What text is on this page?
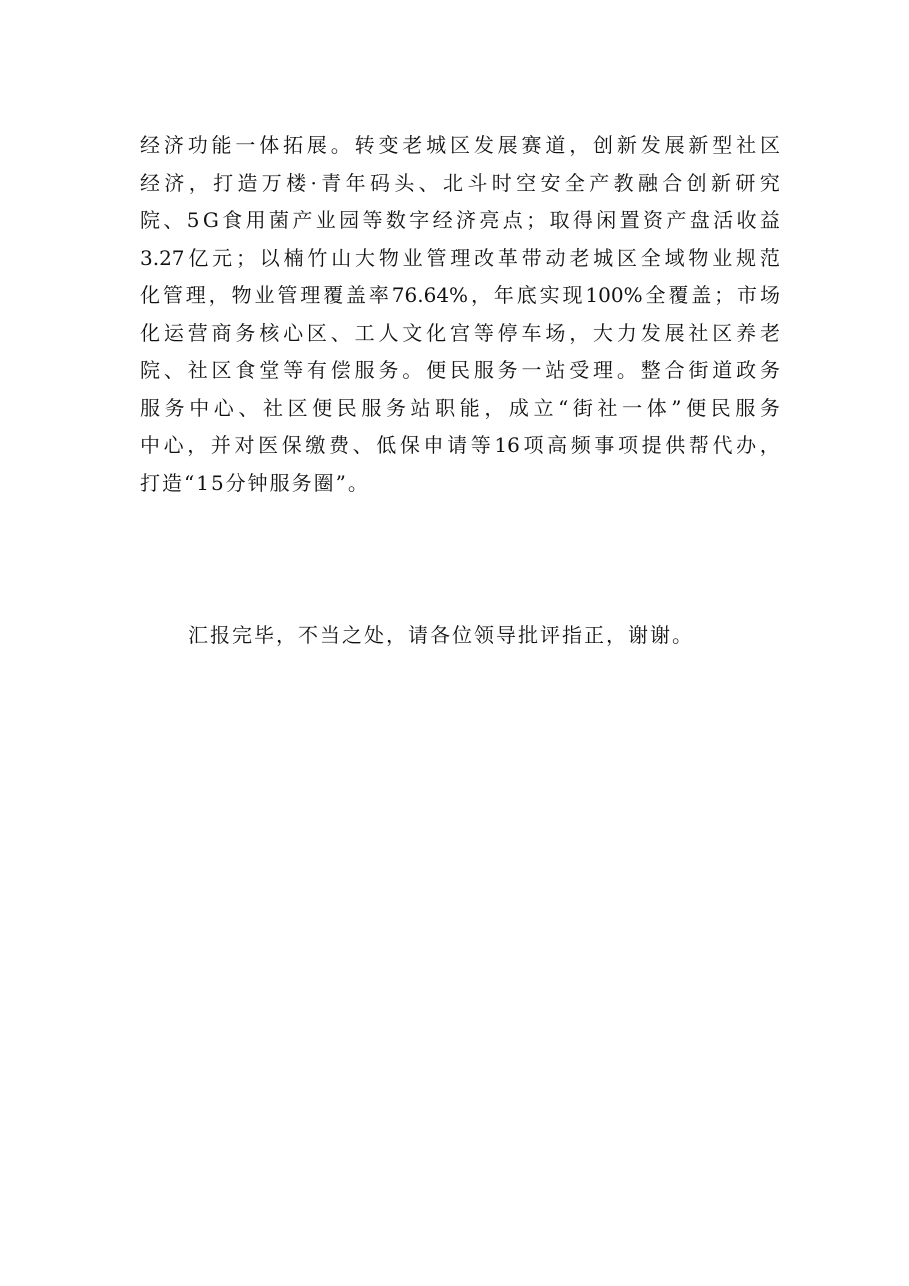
经 济 功 能 一 体 拓 展 。 转 变 老 城 区 发 展 赛 道 ， 创 新 发 展 新 型 社 区
经 济 ， 打 造 万 楼 · 青 年 码 头 、 北 斗 时 空 安 全 产 教 融 合 创 新 研 究
院 、 5 G 食 用 菌 产 业 园 等 数 字 经 济 亮 点 ； 取 得 闲 置 资 产 盘 活 收 益
3.27 亿 元 ； 以 楠 竹 山 大 物 业 管 理 改 革 带 动 老 城 区 全 域 物 业 规 范
化 管 理 ， 物 业 管 理 覆 盖 率 76.64% ， 年 底 实 现 100% 全 覆 盖 ； 市 场
化 运 营 商 务 核 心 区 、 工 人 文 化 宫 等 停 车 场 ， 大 力 发 展 社 区 养 老
院 、 社 区 食 堂 等 有 偿 服 务 。 便 民 服 务 一 站 受 理 。 整 合 街 道 政 务
服 务 中 心 、 社 区 便 民 服 务 站 职 能 ， 成 立 “ 街 社 一 体 ” 便 民 服 务
中 心 ， 并 对 医 保 缴 费 、 低 保 申 请 等 16 项 高 频 事 项 提 供 帮 代 办 ，
打造“15分钟服务圈”。
汇报完毕，不当之处，请各位领导批评指正，谢谢。
